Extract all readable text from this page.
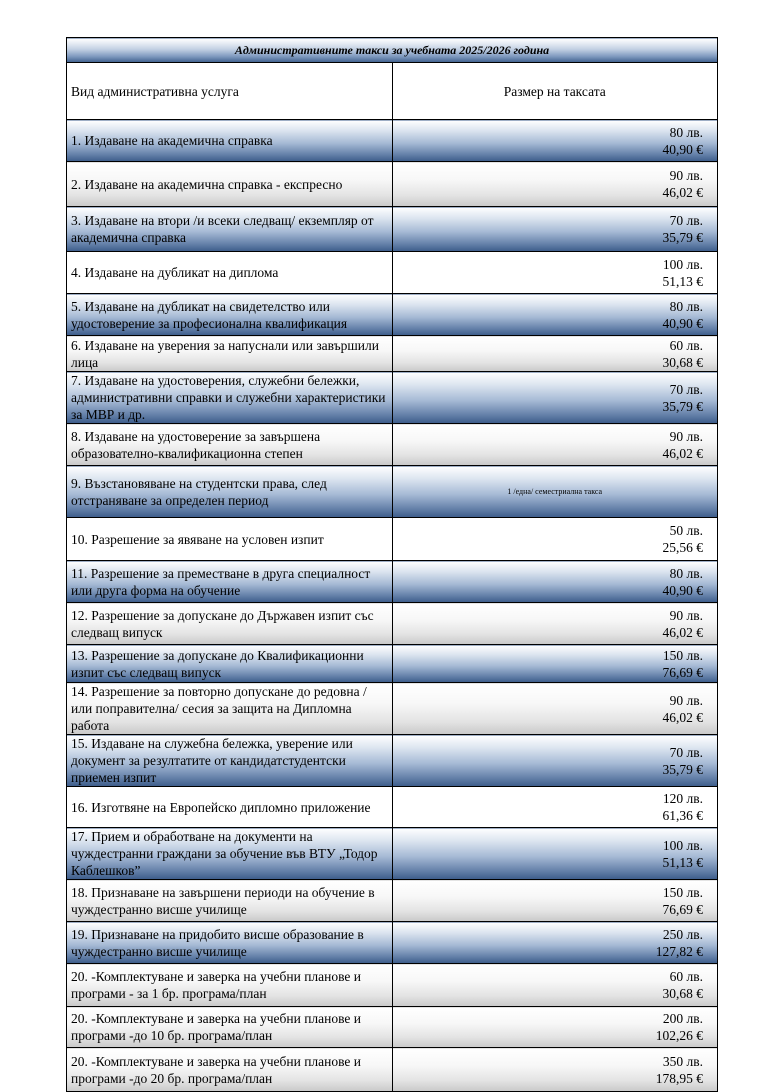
Административните такси за учебната 2025/2026 година	
Вид административна услуга	Размер на таксата
1. Издаване на академична справка	80 лв.
40,90 €

2. Издаване на академична справка - експресно	90 лв.
46,02 €

3. Издаване на втори /и всеки следващ/ екземпляр от академична справка	70 лв.
35,79 €

4. Издаване на дубликат на диплома	100 лв.
51,13 €

5. Издаване на дубликат на свидетелство или удостоверение за професионална квалификация	80 лв.
40,90 €

6. Издаване на уверения за напуснали или завършили лица	60 лв.
30,68 €

7. Издаване на удостоверения, служебни бележки, административни справки и служебни характеристики за МВР и др.	70 лв.
35,79 €

8. Издаване на удостоверение за завършена образователно-квалификационна степен	90 лв.
46,02 €

9. Възстановяване на студентски права, след отстраняване за определен период	1 /една/ семестриална такса
10. Разрешение за явяване на условен изпит	50 лв.
25,56 €

11. Разрешение за преместване в друга специалност или друга форма на обучение	80 лв.
40,90 €

12. Разрешение за допускане до Държавен изпит със следващ випуск	90 лв.
46,02 €

13. Разрешение за допускане до Квалификационни изпит със следващ випуск	150 лв.
76,69 €

14. Разрешение за повторно допускане до редовна /или поправителна/ сесия за защита на Дипломна работа	90 лв.
46,02 €

15. Издаване на служебна бележка, уверение или документ за резултатите от кандидатстудентски приемен изпит	70 лв.
35,79 €

16. Изготвяне на Европейско дипломно приложение	120 лв.
61,36 €

17. Прием и обработване на документи на чуждестранни граждани за обучение във ВТУ „Тодор Каблешков”	100 лв.
51,13 €

18. Признаване на завършени периоди на обучение в чуждестранно висше училище	150 лв.
76,69 €

19. Признаване на придобито висше образование в чуждестранно висше училище	250 лв.
127,82 €

20. -Комплектуване и заверка на учебни планове и програми - за 1 бр. програма/план	60 лв.
30,68 €

20. -Комплектуване и заверка на учебни планове и програми -до 10 бр. програма/план	200 лв.
102,26 €

20. -Комплектуване и заверка на учебни планове и програми -до 20 бр. програма/план	350 лв.
178,95 €
